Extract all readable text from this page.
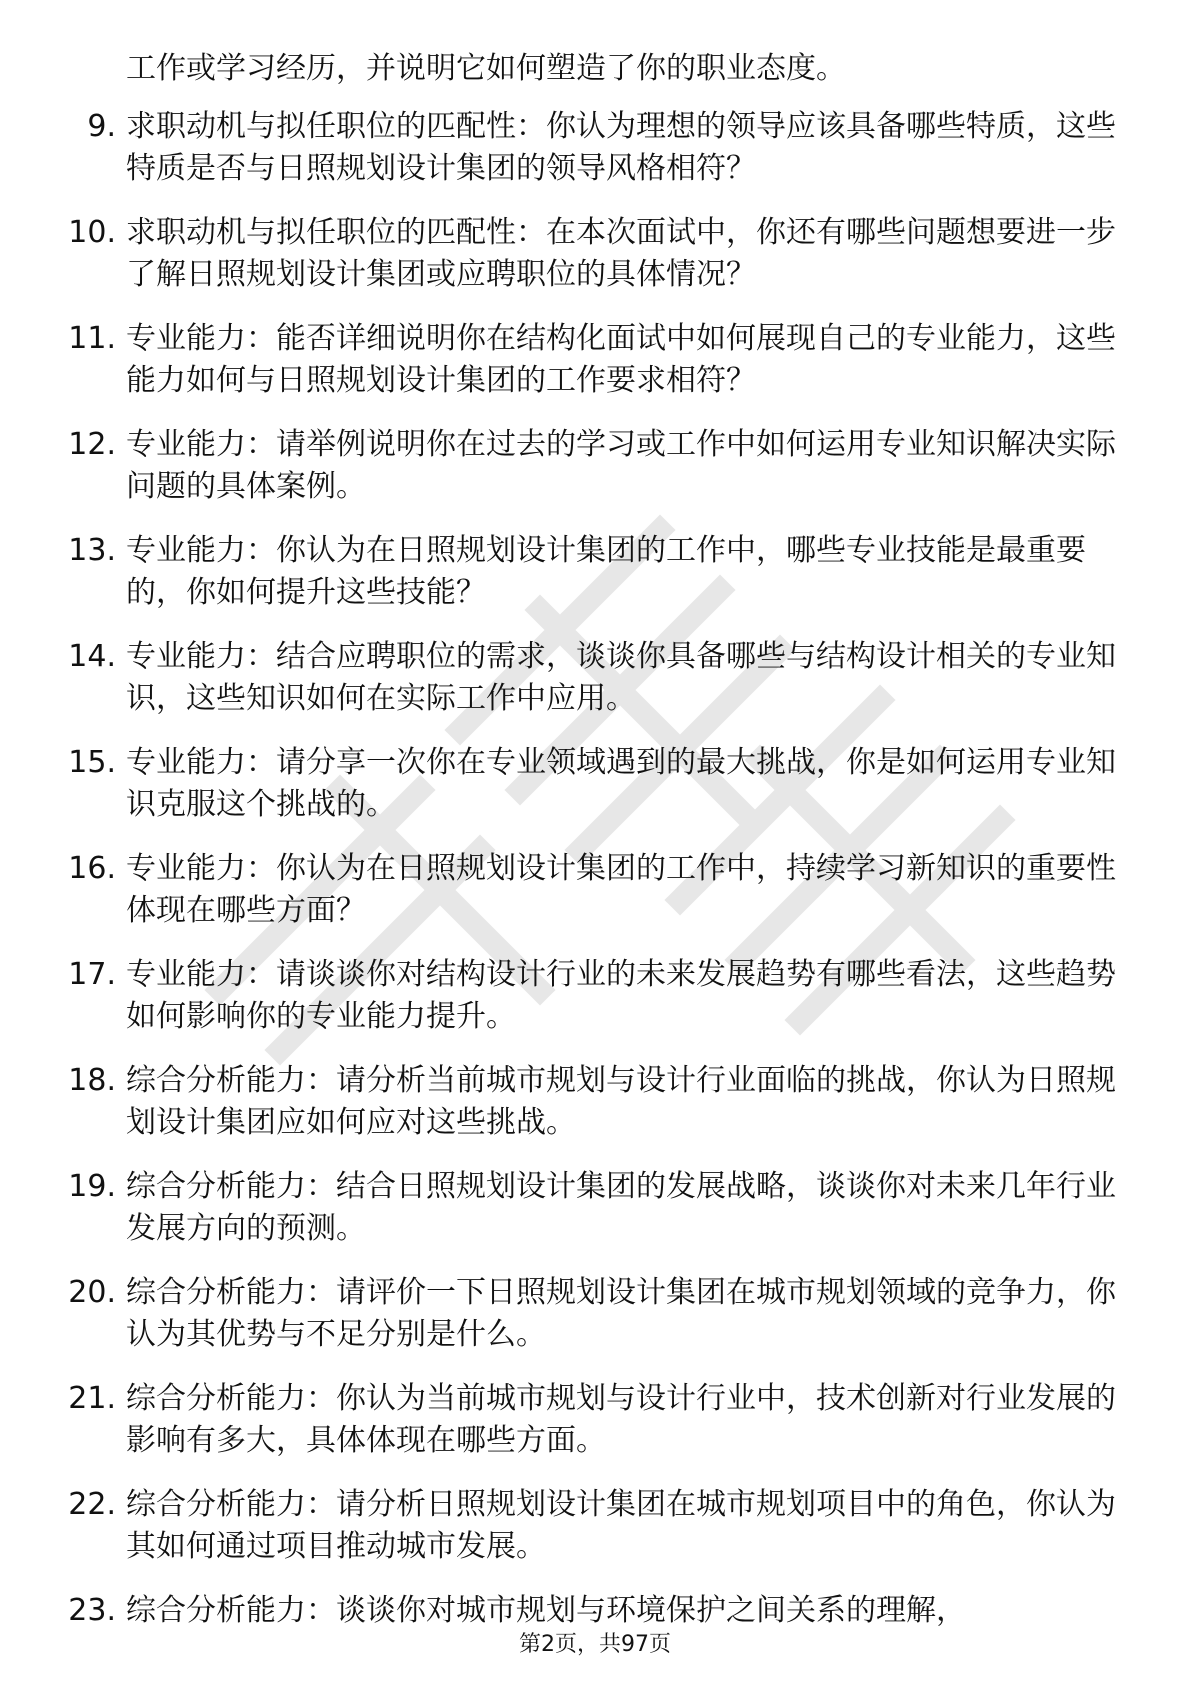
工作或学习经历，并说明它如何塑造了你的职业态度。

9. 求职动机与拟任职位的匹配性：你认为理想的领导应该具备哪些特质，这些特质是否与日照规划设计集团的领导风格相符？

10. 求职动机与拟任职位的匹配性：在本次面试中，你还有哪些问题想要进一步了解日照规划设计集团或应聘职位的具体情况？

11. 专业能力：能否详细说明你在结构化面试中如何展现自己的专业能力，这些能力如何与日照规划设计集团的工作要求相符？

12. 专业能力：请举例说明你在过去的学习或工作中如何运用专业知识解决实际问题的具体案例。

13. 专业能力：你认为在日照规划设计集团的工作中，哪些专业技能是最重要的，你如何提升这些技能？

14. 专业能力：结合应聘职位的需求，谈谈你具备哪些与结构设计相关的专业知识，这些知识如何在实际工作中应用。

15. 专业能力：请分享一次你在专业领域遇到的最大挑战，你是如何运用专业知识克服这个挑战的。

16. 专业能力：你认为在日照规划设计集团的工作中，持续学习新知识的重要性体现在哪些方面？

17. 专业能力：请谈谈你对结构设计行业的未来发展趋势有哪些看法，这些趋势如何影响你的专业能力提升。

18. 综合分析能力：请分析当前城市规划与设计行业面临的挑战，你认为日照规划设计集团应如何应对这些挑战。

19. 综合分析能力：结合日照规划设计集团的发展战略，谈谈你对未来几年行业发展方向的预测。

20. 综合分析能力：请评价一下日照规划设计集团在城市规划领域的竞争力，你认为其优势与不足分别是什么。

21. 综合分析能力：你认为当前城市规划与设计行业中，技术创新对行业发展的影响有多大，具体体现在哪些方面。

22. 综合分析能力：请分析日照规划设计集团在城市规划项目中的角色，你认为其如何通过项目推动城市发展。

23. 综合分析能力：谈谈你对城市规划与环境保护之间关系的理解，

第2页，共97页
